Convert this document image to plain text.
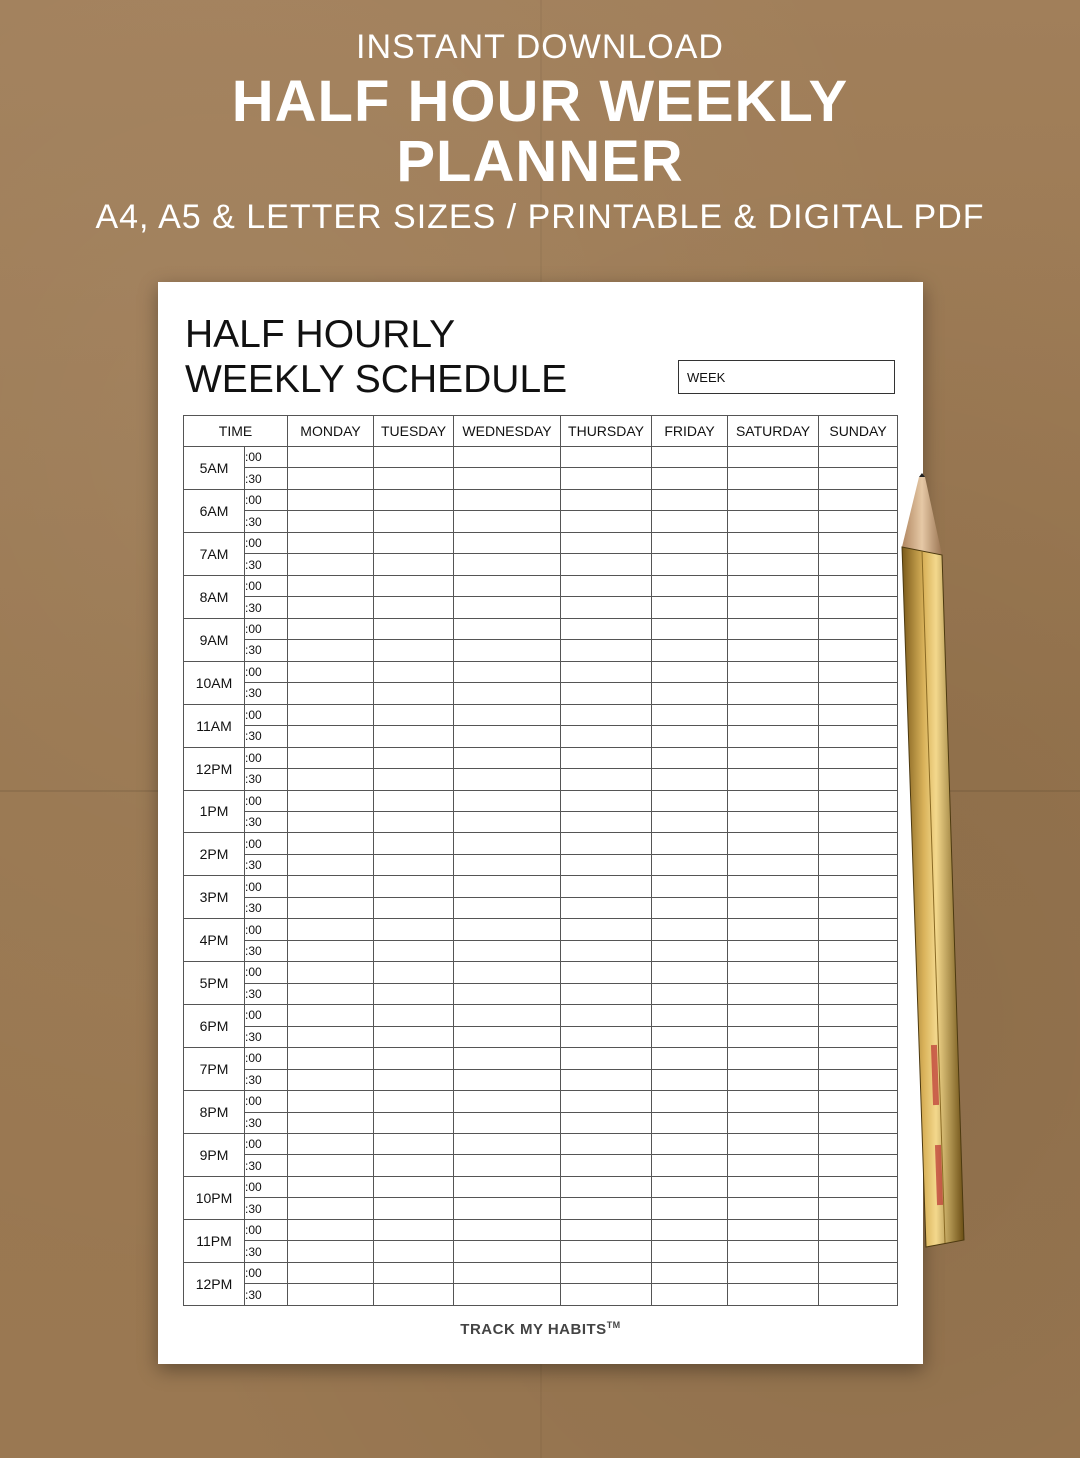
INSTANT DOWNLOAD
HALF HOUR WEEKLY
PLANNER
A4, A5 & LETTER SIZES / PRINTABLE & DIGITAL PDF
HALF HOURLY
WEEKLY SCHEDULE	WEEK
TIME		MONDAY	TUESDAY	WEDNESDAY	THURSDAY	FRIDAY	SATURDAY	SUNDAY
5AM	:00							
	:30							
6AM	:00							
	:30							
7AM	:00							
	:30							
8AM	:00							
	:30							
9AM	:00							
	:30							
10AM	:00							
	:30							
11AM	:00							
	:30							
12PM	:00							
	:30							
1PM	:00							
	:30							
2PM	:00							
	:30							
3PM	:00							
	:30							
4PM	:00							
	:30							
5PM	:00							
	:30							
6PM	:00							
	:30							
7PM	:00							
	:30							
8PM	:00							
	:30							
9PM	:00							
	:30							
10PM	:00							
	:30							
11PM	:00							
	:30							
12PM	:00							
	:30							
TRACK MY HABITS™
